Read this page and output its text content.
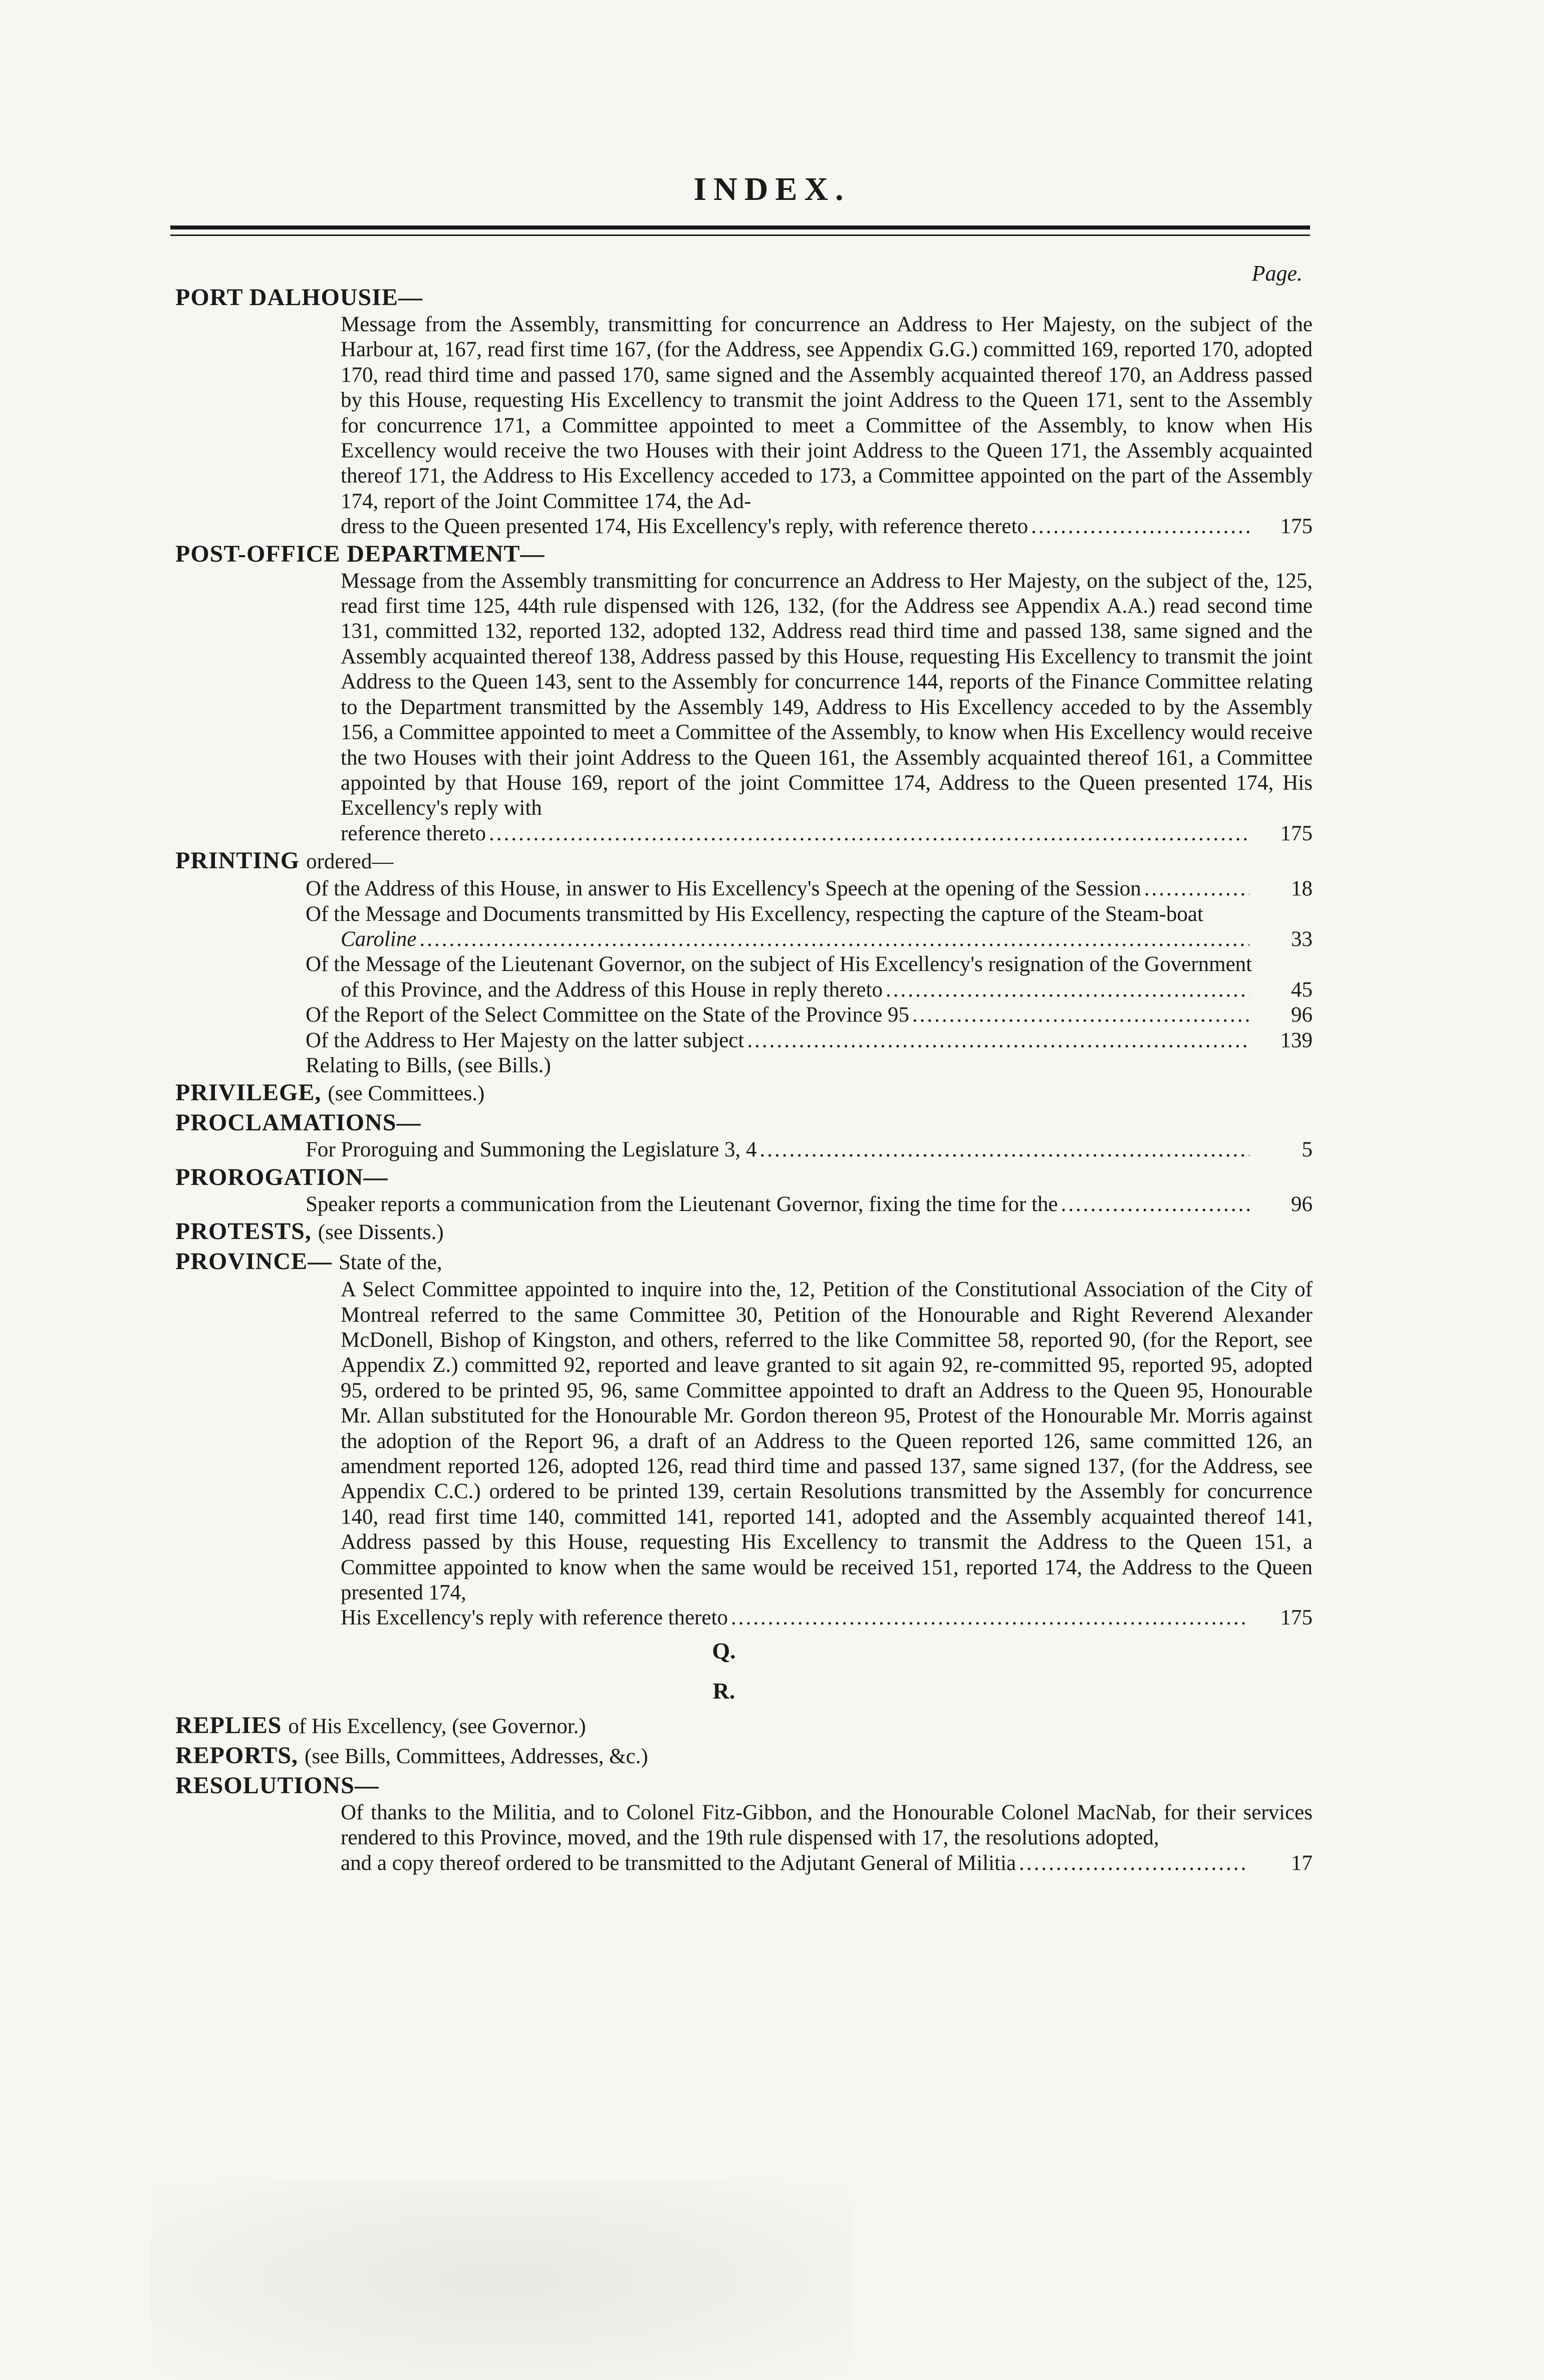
INDEX.
Page.
PORT DALHOUSIE—
Message from the Assembly, transmitting for concurrence an Address to Her Majesty, on the subject of the Harbour at, 167, read first time 167, (for the Address, see Appendix G.G.) committed 169, reported 170, adopted 170, read third time and passed 170, same signed and the Assembly acquainted thereof 170, an Address passed by this House, requesting His Excellency to transmit the joint Address to the Queen 171, sent to the Assembly for concurrence 171, a Committee appointed to meet a Committee of the Assembly, to know when His Excellency would receive the two Houses with their joint Address to the Queen 171, the Assembly acquainted thereof 171, the Address to His Excellency acceded to 173, a Committee appointed on the part of the Assembly 174, report of the Joint Committee 174, the Ad-
dress to the Queen presented 174, His Excellency's reply, with reference thereto .....	175
POST-OFFICE DEPARTMENT—
Message from the Assembly transmitting for concurrence an Address to Her Majesty, on the subject of the, 125, read first time 125, 44th rule dispensed with 126, 132, (for the Address see Appendix A.A.) read second time 131, committed 132, reported 132, adopted 132, Address read third time and passed 138, same signed and the Assembly acquainted thereof 138, Address passed by this House, requesting His Excellency to transmit the joint Address to the Queen 143, sent to the Assembly for concurrence 144, reports of the Finance Committee relating to the Department transmitted by the Assembly 149, Address to His Excellency acceded to by the Assembly 156, a Committee appointed to meet a Committee of the Assembly, to know when His Excellency would receive the two Houses with their joint Address to the Queen 161, the Assembly acquainted thereof 161, a Committee appointed by that House 169, report of the joint Committee 174, Address to the Queen presented 174, His Excellency's reply with
reference thereto .....	175
PRINTING ordered—
Of the Address of this House, in answer to His Excellency's Speech at the opening of the Session .....	18
Of the Message and Documents transmitted by His Excellency, respecting the capture of the Steam-boat
Caroline .....	33
Of the Message of the Lieutenant Governor, on the subject of His Excellency's resignation of the Government
of this Province, and the Address of this House in reply thereto .....	45
Of the Report of the Select Committee on the State of the Province 95 .....	96
Of the Address to Her Majesty on the latter subject .....	139
Relating to Bills, (see Bills.)
PRIVILEGE, (see Committees.)
PROCLAMATIONS—
For Proroguing and Summoning the Legislature 3, 4 .....	5
PROROGATION—
Speaker reports a communication from the Lieutenant Governor, fixing the time for the .....	96
PROTESTS, (see Dissents.)
PROVINCE— State of the,
A Select Committee appointed to inquire into the, 12, Petition of the Constitutional Association of the City of Montreal referred to the same Committee 30, Petition of the Honourable and Right Reverend Alexander McDonell, Bishop of Kingston, and others, referred to the like Committee 58, reported 90, (for the Report, see Appendix Z.) committed 92, reported and leave granted to sit again 92, re-committed 95, reported 95, adopted 95, ordered to be printed 95, 96, same Committee appointed to draft an Address to the Queen 95, Honourable Mr. Allan substituted for the Honourable Mr. Gordon thereon 95, Protest of the Honourable Mr. Morris against the adoption of the Report 96, a draft of an Address to the Queen reported 126, same committed 126, an amendment reported 126, adopted 126, read third time and passed 137, same signed 137, (for the Address, see Appendix C.C.) ordered to be printed 139, certain Resolutions transmitted by the Assembly for concurrence 140, read first time 140, committed 141, reported 141, adopted and the Assembly acquainted thereof 141, Address passed by this House, requesting His Excellency to transmit the Address to the Queen 151, a Committee appointed to know when the same would be received 151, reported 174, the Address to the Queen presented 174,
His Excellency's reply with reference thereto .....	175
Q.
R.
REPLIES of His Excellency, (see Governor.)
REPORTS, (see Bills, Committees, Addresses, &c.)
RESOLUTIONS—
Of thanks to the Militia, and to Colonel Fitz-Gibbon, and the Honourable Colonel MacNab, for their services rendered to this Province, moved, and the 19th rule dispensed with 17, the resolutions adopted,
and a copy thereof ordered to be transmitted to the Adjutant General of Militia .....	17
